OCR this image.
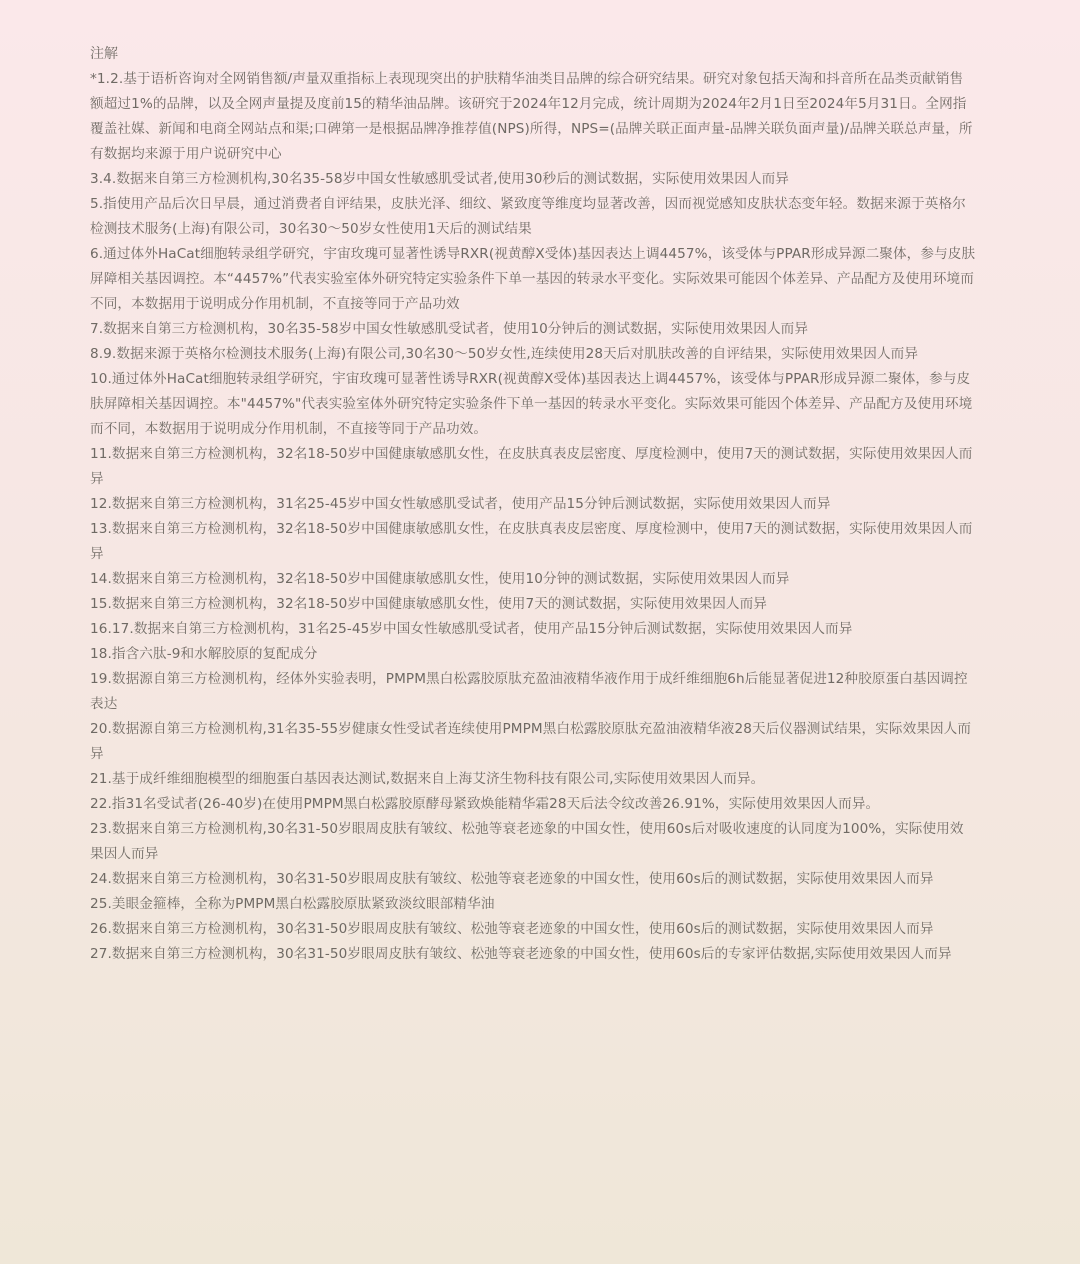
注解
*1.2.基于语析咨询对全网销售额/声量双重指标上表现现突出的护肤精华油类目品牌的综合研究结果。研究对象包括天淘和抖音所在品类贡献销售额超过1%的品牌，以及全网声量提及度前15的精华油品牌。该研究于2024年12月完成，统计周期为2024年2月1日至2024年5月31日。全网指覆盖社媒、新闻和电商全网站点和渠;口碑第一是根据品牌净推荐值(NPS)所得，NPS=(品牌关联正面声量-品牌关联负面声量)/品牌关联总声量，所有数据均来源于用户说研究中心
3.4.数据来自第三方检测机构,30名35-58岁中国女性敏感肌受试者,使用30秒后的测试数据，实际使用效果因人而异
5.指使用产品后次日早晨，通过消费者自评结果，皮肤光泽、细纹、紧致度等维度均显著改善，因而视觉感知皮肤状态变年轻。数据来源于英格尔检测技术服务(上海)有限公司，30名30～50岁女性使用1天后的测试结果
6.通过体外HaCat细胞转录组学研究，宇宙玫瑰可显著性诱导RXR(视黄醇X受体)基因表达上调4457%，该受体与PPAR形成异源二聚体，参与皮肤屏障相关基因调控。本“4457%”代表实验室体外研究特定实验条件下单一基因的转录水平变化。实际效果可能因个体差异、产品配方及使用环境而不同，本数据用于说明成分作用机制，不直接等同于产品功效
7.数据来自第三方检测机构，30名35-58岁中国女性敏感肌受试者，使用10分钟后的测试数据，实际使用效果因人而异
8.9.数据来源于英格尔检测技术服务(上海)有限公司,30名30～50岁女性,连续使用28天后对肌肤改善的自评结果，实际使用效果因人而异
10.通过体外HaCat细胞转录组学研究，宇宙玫瑰可显著性诱导RXR(视黄醇X受体)基因表达上调4457%，该受体与PPAR形成异源二聚体，参与皮肤屏障相关基因调控。本"4457%"代表实验室体外研究特定实验条件下单一基因的转录水平变化。实际效果可能因个体差异、产品配方及使用环境而不同，本数据用于说明成分作用机制，不直接等同于产品功效。
11.数据来自第三方检测机构，32名18-50岁中国健康敏感肌女性，在皮肤真表皮层密度、厚度检测中，使用7天的测试数据，实际使用效果因人而异
12.数据来自第三方检测机构，31名25-45岁中国女性敏感肌受试者，使用产品15分钟后测试数据，实际使用效果因人而异
13.数据来自第三方检测机构，32名18-50岁中国健康敏感肌女性，在皮肤真表皮层密度、厚度检测中，使用7天的测试数据，实际使用效果因人而异
14.数据来自第三方检测机构，32名18-50岁中国健康敏感肌女性，使用10分钟的测试数据，实际使用效果因人而异
15.数据来自第三方检测机构，32名18-50岁中国健康敏感肌女性，使用7天的测试数据，实际使用效果因人而异
16.17.数据来自第三方检测机构，31名25-45岁中国女性敏感肌受试者，使用产品15分钟后测试数据，实际使用效果因人而异
18.指含六肽-9和水解胶原的复配成分
19.数据源自第三方检测机构，经体外实验表明，PMPM黑白松露胶原肽充盈油液精华液作用于成纤维细胞6h后能显著促进12种胶原蛋白基因调控表达
20.数据源自第三方检测机构,31名35-55岁健康女性受试者连续使用PMPM黑白松露胶原肽充盈油液精华液28天后仪器测试结果，实际效果因人而异
21.基于成纤维细胞模型的细胞蛋白基因表达测试,数据来自上海艾济生物科技有限公司,实际使用效果因人而异。
22.指31名受试者(26-40岁)在使用PMPM黑白松露胶原酵母紧致焕能精华霜28天后法令纹改善26.91%，实际使用效果因人而异。
23.数据来自第三方检测机构,30名31-50岁眼周皮肤有皱纹、松弛等衰老迹象的中国女性，使用60s后对吸收速度的认同度为100%，实际使用效果因人而异
24.数据来自第三方检测机构，30名31-50岁眼周皮肤有皱纹、松弛等衰老迹象的中国女性，使用60s后的测试数据，实际使用效果因人而异
25.美眼金箍棒，全称为PMPM黑白松露胶原肽紧致淡纹眼部精华油
26.数据来自第三方检测机构，30名31-50岁眼周皮肤有皱纹、松弛等衰老迹象的中国女性，使用60s后的测试数据，实际使用效果因人而异
27.数据来自第三方检测机构，30名31-50岁眼周皮肤有皱纹、松弛等衰老迹象的中国女性，使用60s后的专家评估数据,实际使用效果因人而异
